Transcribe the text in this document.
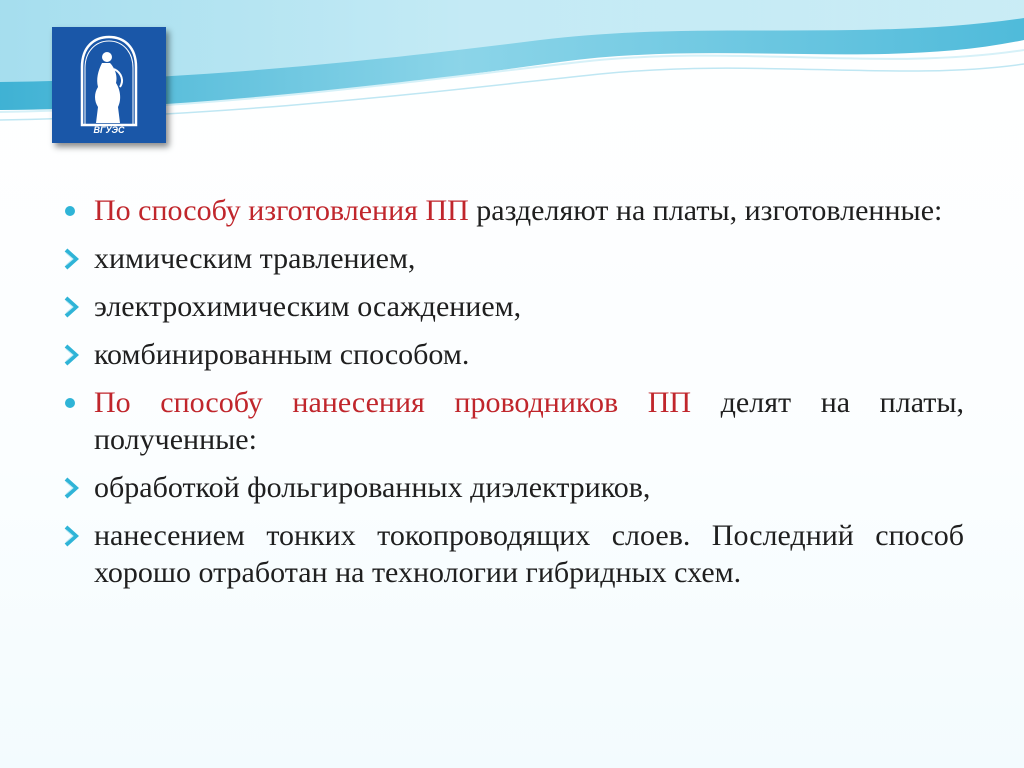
ВГУЭС
По способу изготовления ПП разделяют на платы, изготовленные:
химическим травлением,
электрохимическим осаждением,
комбинированным способом.
По способу нанесения проводников ПП делят на платы, полученные:
обработкой фольгированных диэлектриков,
нанесением тонких токопроводящих слоев. Последний способ хорошо отработан на технологии гибридных схем.
